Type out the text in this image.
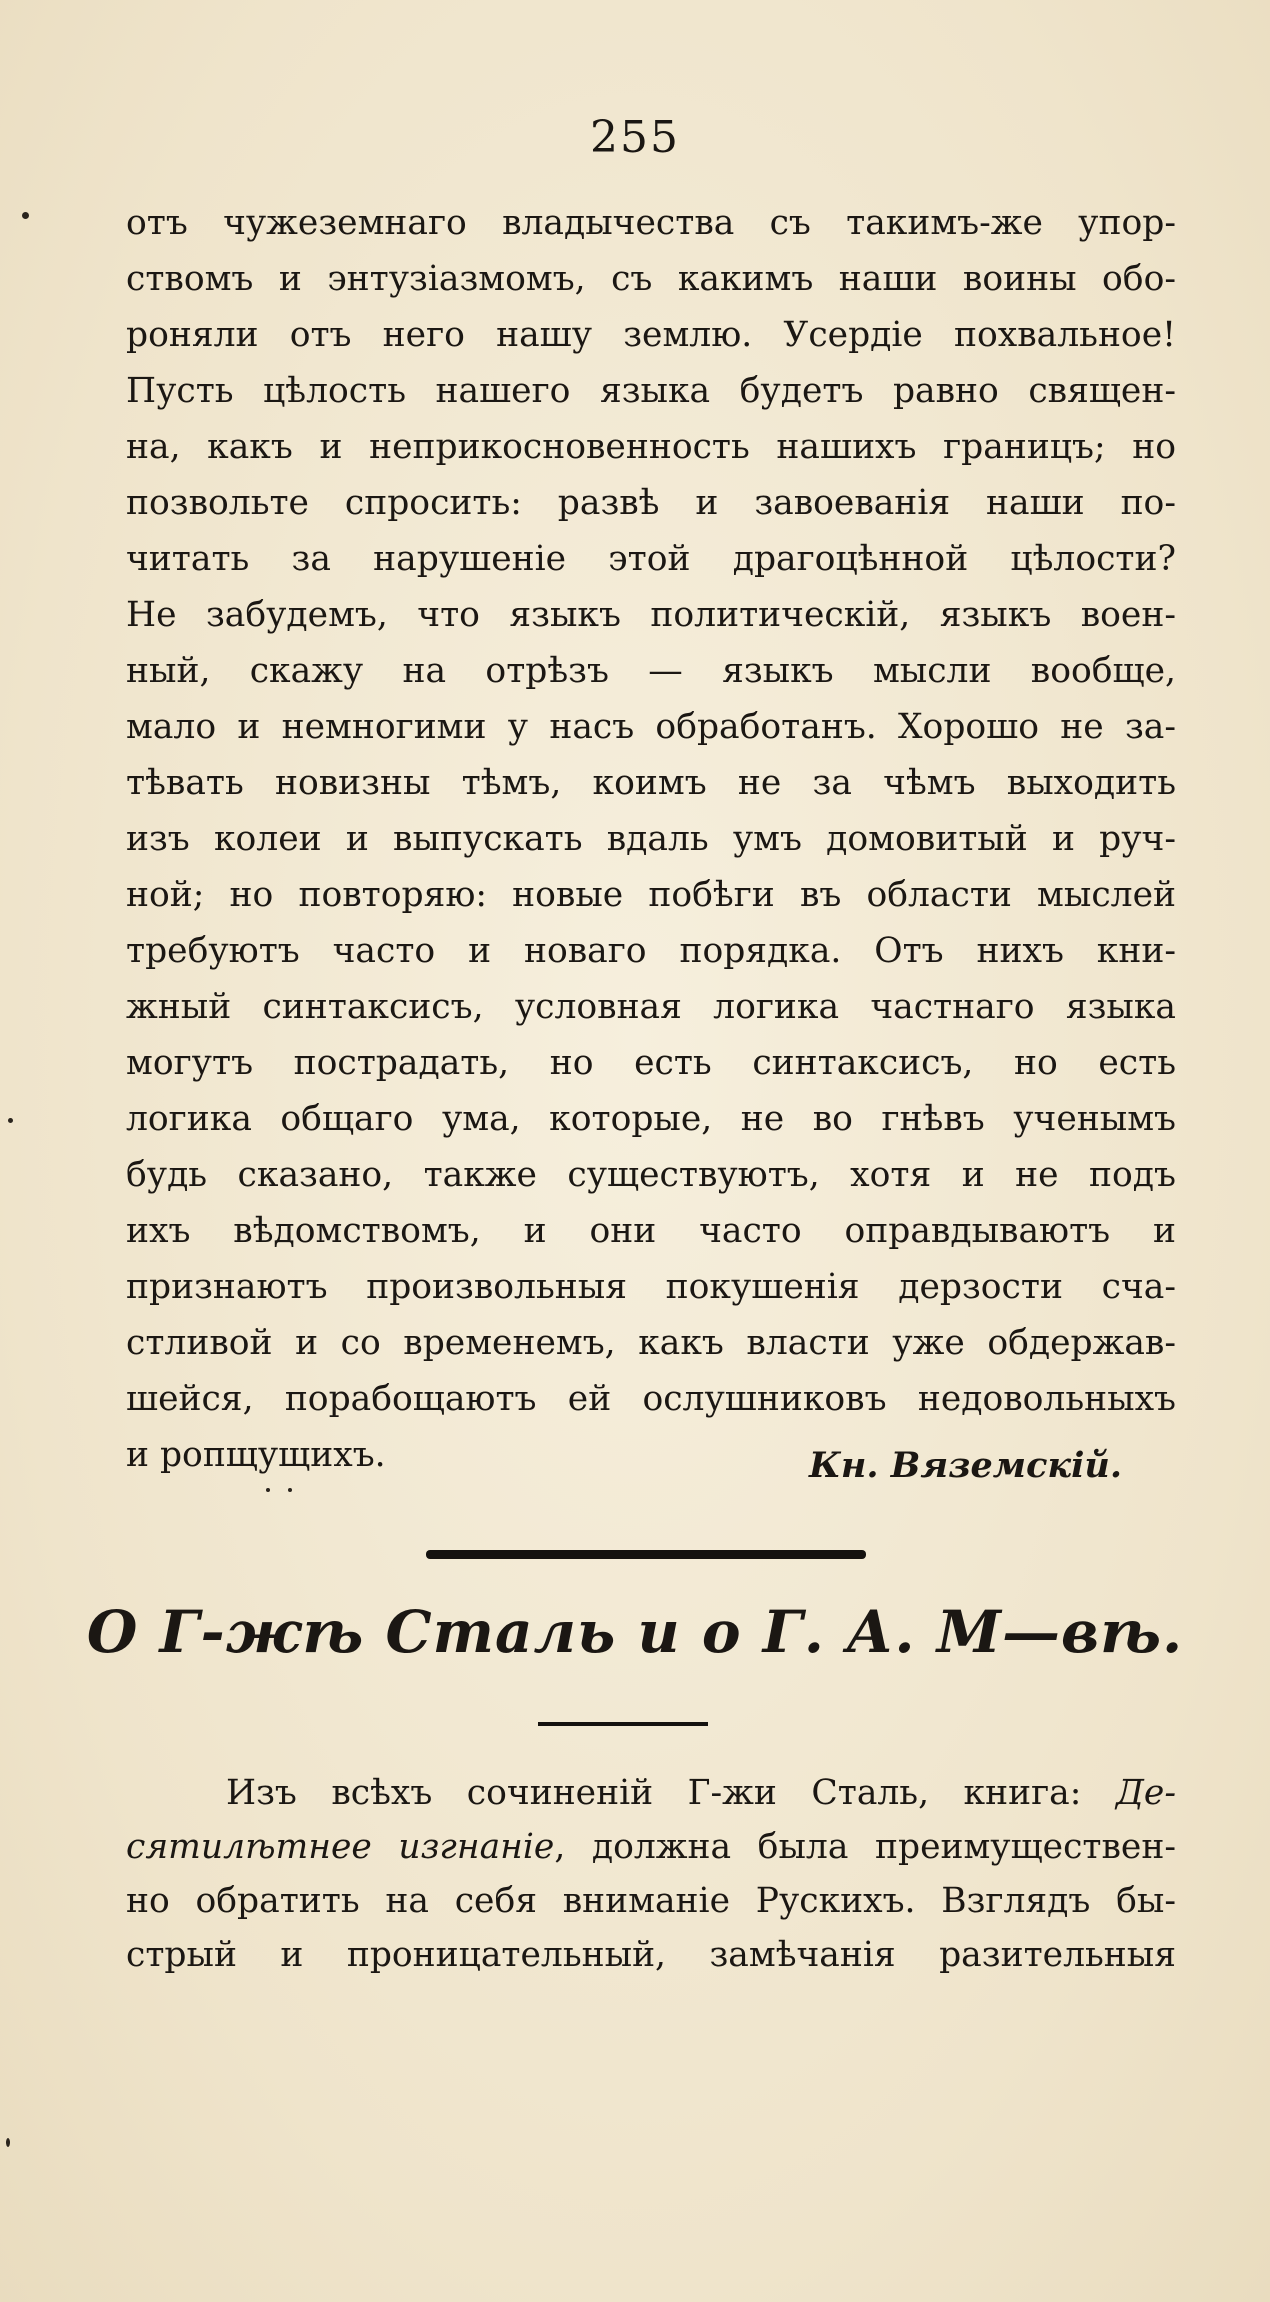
255
отъ чужеземнаго владычества съ такимъ-же упор-
ствомъ и энтузiазмомъ, съ какимъ наши воины обо-
роняли отъ него нашу землю. Усердiе похвальное!
Пусть цѣлость нашего языка будетъ равно священ-
на, какъ и неприкосновенность нашихъ границъ; но
позвольте спросить: развѣ и завоеванiя наши по-
читать за нарушенiе этой драгоцѣнной цѣлости?
Не забудемъ, что языкъ политическiй, языкъ воен-
ный, скажу на отрѣзъ — языкъ мысли вообще,
мало и немногими у насъ обработанъ. Хорошо не за-
тѣвать новизны тѣмъ, коимъ не за чѣмъ выходить
изъ колеи и выпускать вдаль умъ домовитый и руч-
ной; но повторяю: новые побѣги въ области мыслей
требуютъ часто и новаго порядка. Отъ нихъ кни-
жный синтаксисъ, условная логика частнаго языка
могутъ пострадать, но есть синтаксисъ, но есть
логика общаго ума, которые, не во гнѣвъ ученымъ
будь сказано, также существуютъ, хотя и не подъ
ихъ вѣдомствомъ, и они часто оправдываютъ и
признаютъ произвольныя покушенiя дерзости сча-
стливой и со временемъ, какъ власти уже обдержав-
шейся, порабощаютъ ей ослушниковъ недовольныхъ
и ропщущихъ.	Кн. Вяземскiй.
О Г-жѣ Сталь и о Г. А. М—вѣ.
Изъ всѣхъ сочиненiй Г-жи Сталь, книга: Де-
сятилѣтнее изгнанiе, должна была преимуществен-
но обратить на себя вниманiе Рускихъ. Взглядъ бы-
стрый и проницательный, замѣчанiя разительныя
